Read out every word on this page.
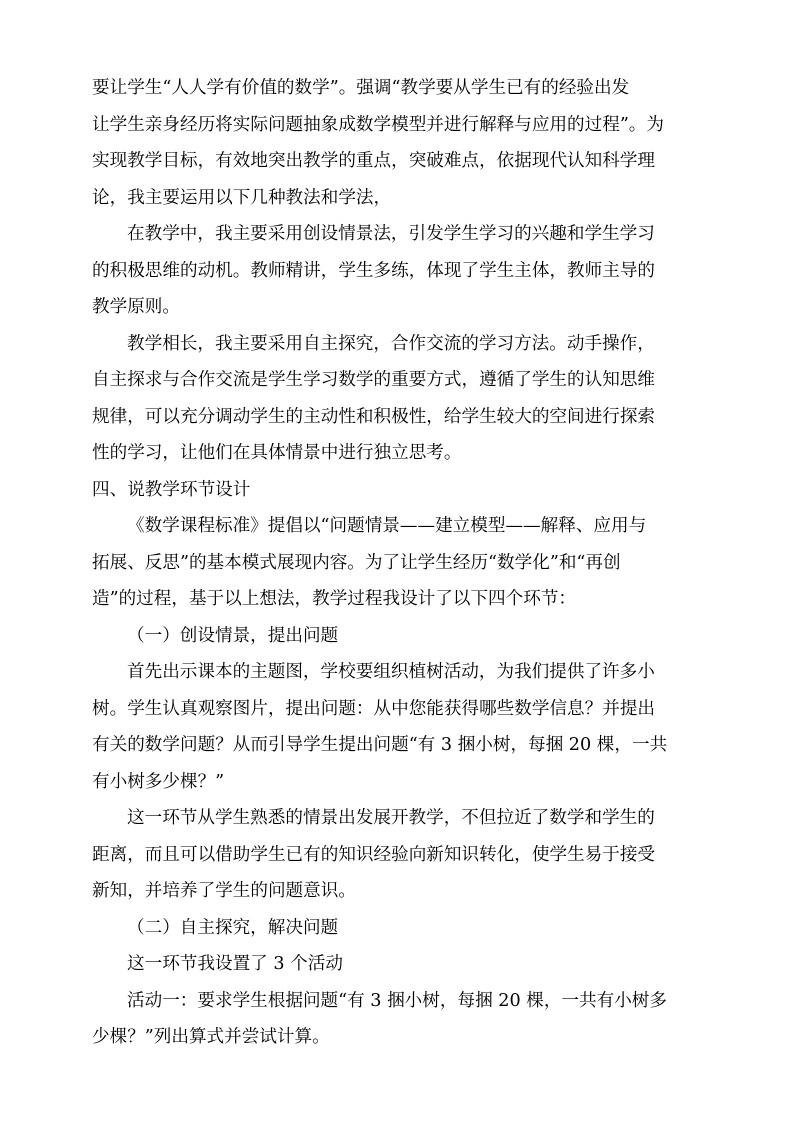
要让学生“人人学有价值的数学”。强调“教学要从学生已有的经验出发
让学生亲身经历将实际问题抽象成数学模型并进行解释与应用的过程”。为
实现教学目标，有效地突出教学的重点，突破难点，依据现代认知科学理
论，我主要运用以下几种教法和学法，
在教学中，我主要采用创设情景法，引发学生学习的兴趣和学生学习
的积极思维的动机。教师精讲，学生多练，体现了学生主体，教师主导的
教学原则。
教学相长，我主要采用自主探究，合作交流的学习方法。动手操作，
自主探求与合作交流是学生学习数学的重要方式，遵循了学生的认知思维
规律，可以充分调动学生的主动性和积极性，给学生较大的空间进行探索
性的学习，让他们在具体情景中进行独立思考。
四、说教学环节设计
《数学课程标准》提倡以“问题情景——建立模型——解释、应用与
拓展、反思”的基本模式展现内容。为了让学生经历“数学化”和“再创
造”的过程，基于以上想法，教学过程我设计了以下四个环节：
（一）创设情景，提出问题
首先出示课本的主题图，学校要组织植树活动，为我们提供了许多小
树。学生认真观察图片，提出问题：从中您能获得哪些数学信息？并提出
有关的数学问题？从而引导学生提出问题“有 3 捆小树，每捆 20 棵，一共
有小树多少棵？”
这一环节从学生熟悉的情景出发展开教学，不但拉近了数学和学生的
距离，而且可以借助学生已有的知识经验向新知识转化，使学生易于接受
新知，并培养了学生的问题意识。
（二）自主探究，解决问题
这一环节我设置了 3 个活动
活动一：要求学生根据问题“有 3 捆小树，每捆 20 棵，一共有小树多
少棵？”列出算式并尝试计算。
